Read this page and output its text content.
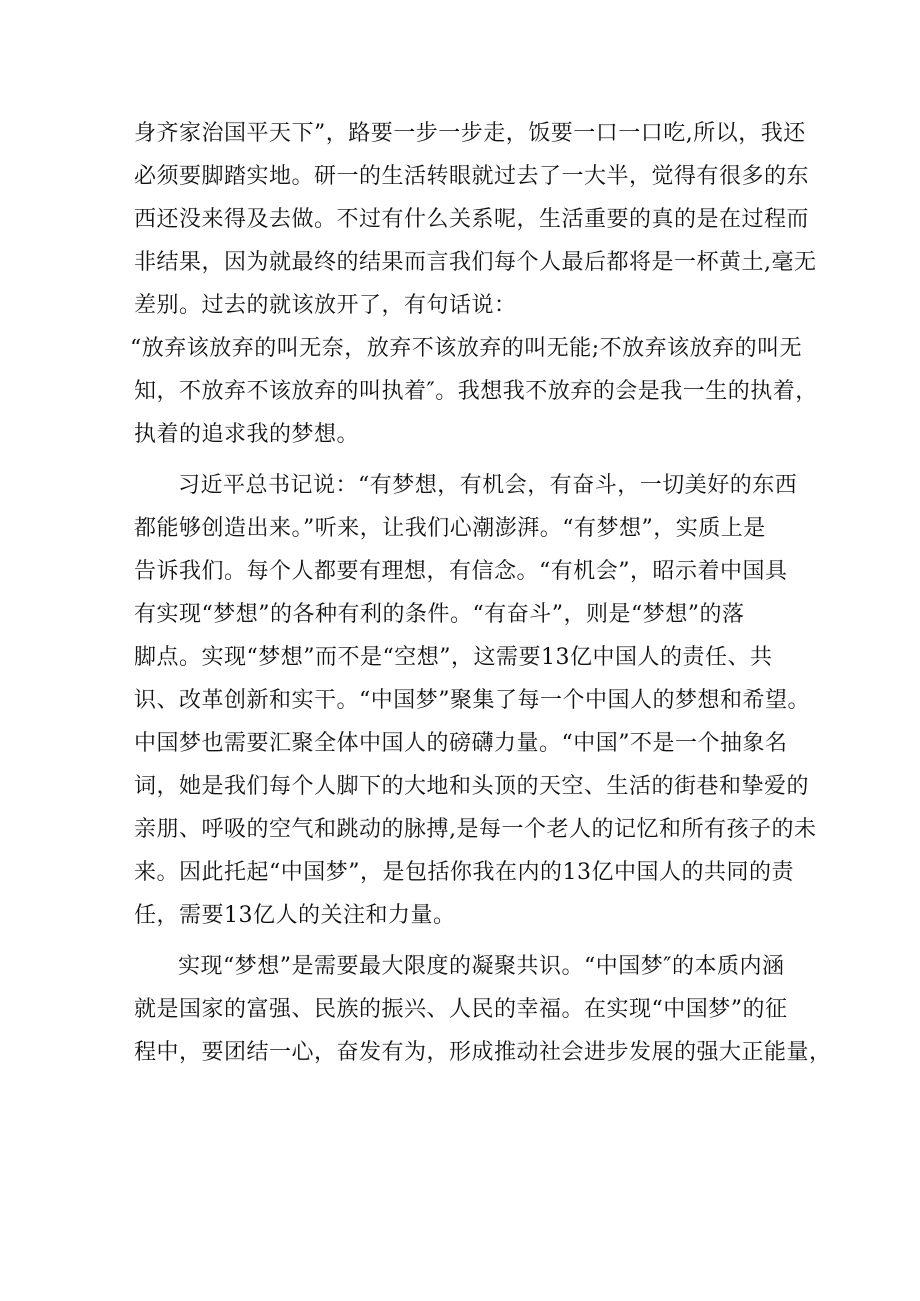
身齐家治国平天下”，路要一步一步走，饭要一口一口吃,所以，我还
必须要脚踏实地。研一的生活转眼就过去了一大半，觉得有很多的东
西还没来得及去做。不过有什么关系呢，生活重要的真的是在过程而
非结果，因为就最终的结果而言我们每个人最后都将是一杯黄土,毫无
差别。过去的就该放开了，有句话说：
“放弃该放弃的叫无奈，放弃不该放弃的叫无能;不放弃该放弃的叫无
知，不放弃不该放弃的叫执着″。我想我不放弃的会是我一生的执着，
执着的追求我的梦想。
习近平总书记说：“有梦想，有机会，有奋斗，一切美好的东西
都能够创造出来。”听来，让我们心潮澎湃。“有梦想”，实质上是
告诉我们。每个人都要有理想，有信念。“有机会”，昭示着中国具
有实现“梦想”的各种有利的条件。“有奋斗”，则是“梦想”的落
脚点。实现“梦想”而不是“空想”，这需要13亿中国人的责任、共
识、改革创新和实干。“中国梦”聚集了每一个中国人的梦想和希望。
中国梦也需要汇聚全体中国人的磅礴力量。“中国”不是一个抽象名
词，她是我们每个人脚下的大地和头顶的天空、生活的街巷和挚爱的
亲朋、呼吸的空气和跳动的脉搏,是每一个老人的记忆和所有孩子的未
来。因此托起“中国梦”，是包括你我在内的13亿中国人的共同的责
任，需要13亿人的关注和力量。
实现“梦想”是需要最大限度的凝聚共识。“中国梦″的本质内涵
就是国家的富强、民族的振兴、人民的幸福。在实现“中国梦”的征
程中，要团结一心，奋发有为，形成推动社会进步发展的强大正能量，
